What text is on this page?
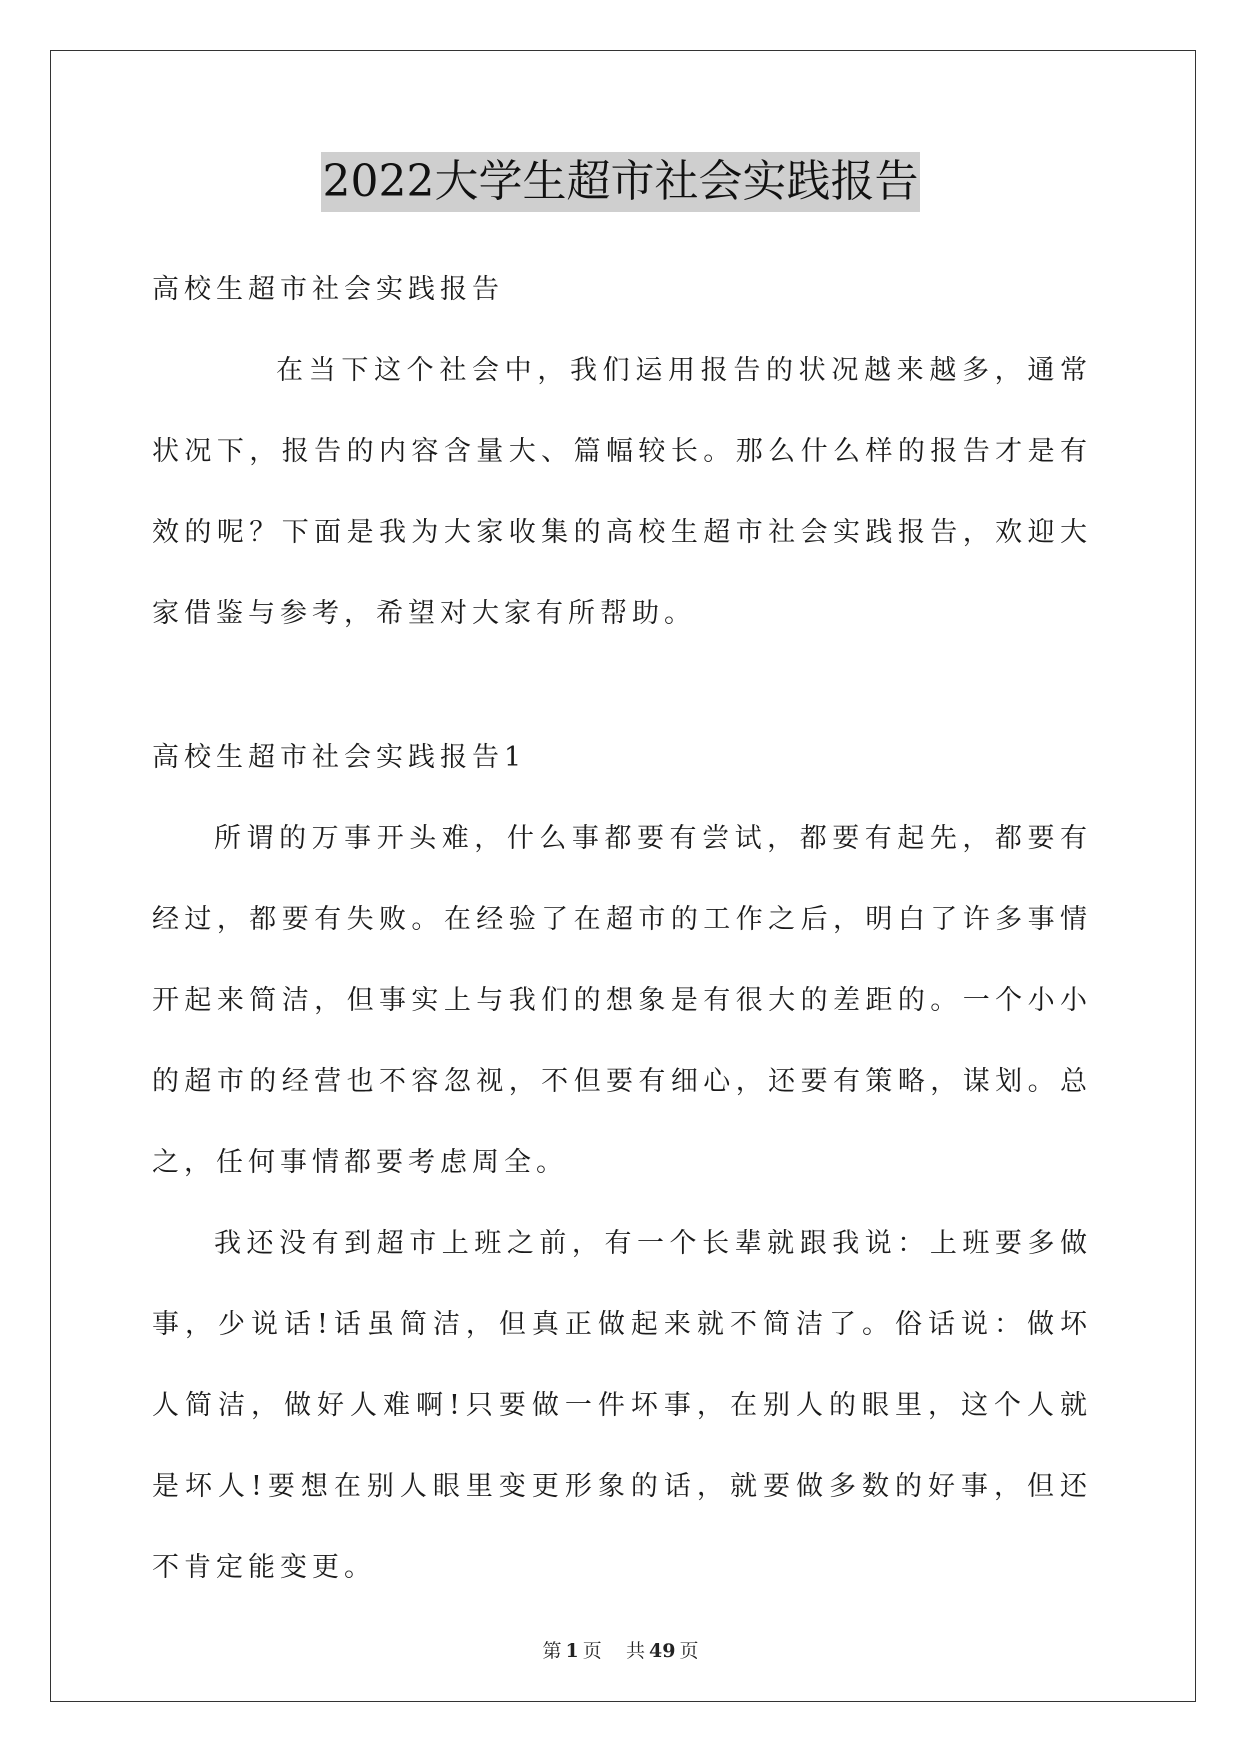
2022大学生超市社会实践报告
高校生超市社会实践报告

在当下这个社会中，我们运用报告的状况越来越多，通常状况下，报告的内容含量大、篇幅较长。那么什么样的报告才是有效的呢？下面是我为大家收集的高校生超市社会实践报告，欢迎大家借鉴与参考，希望对大家有所帮助。

高校生超市社会实践报告1

所谓的万事开头难，什么事都要有尝试，都要有起先，都要有经过，都要有失败。在经验了在超市的工作之后，明白了许多事情开起来简洁，但事实上与我们的想象是有很大的差距的。一个小小的超市的经营也不容忽视，不但要有细心，还要有策略，谋划。总之，任何事情都要考虑周全。

我还没有到超市上班之前，有一个长辈就跟我说：上班要多做事，少说话!话虽简洁，但真正做起来就不简洁了。俗话说：做坏人简洁，做好人难啊!只要做一件坏事，在别人的眼里，这个人就是坏人!要想在别人眼里变更形象的话，就要做多数的好事，但还不肯定能变更。

第 1 页 共 49 页
